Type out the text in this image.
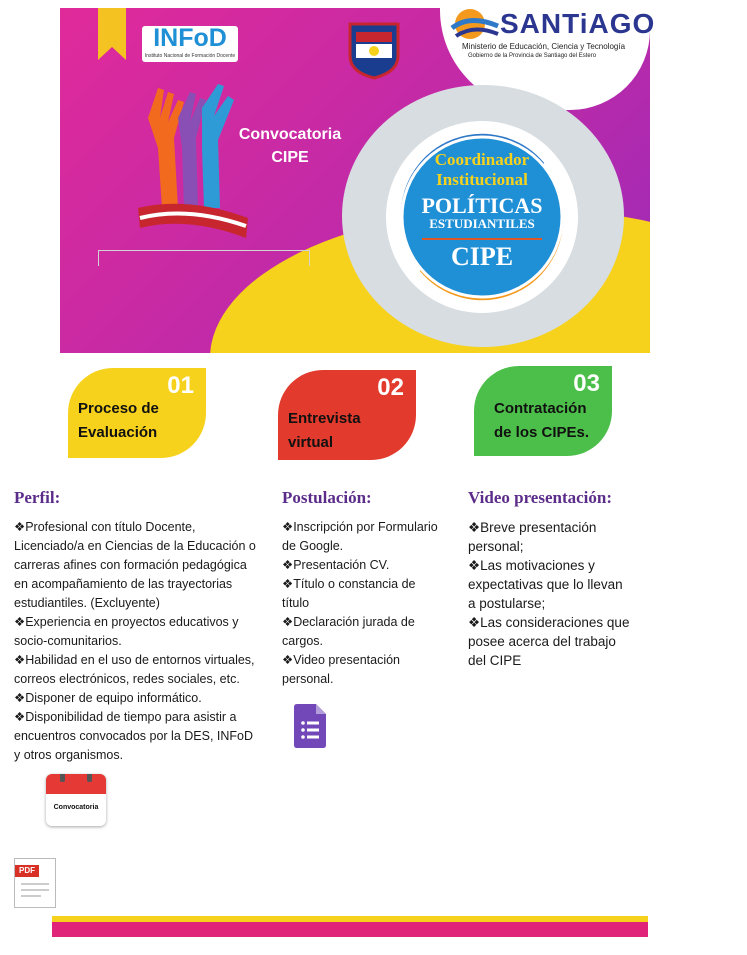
INFoD
Instituto Nacional de Formación Docente
SANTiAGO
Ministerio de Educación, Ciencia y Tecnología
Gobierno de la Provincia de Santiago del Estero
Convocatoria
CIPE	Coordinador
Institucional
POLÍTICAS
ESTUDIANTILES
CIPE
01
Proceso de
Evaluación
02
Entrevista
virtual
03
Contratación
de los CIPEs.
Perfil:
❖Profesional con título Docente,
Licenciado/a en Ciencias de la Educación o
carreras afines con formación pedagógica
en acompañamiento de las trayectorias
estudiantiles. (Excluyente)
❖Experiencia en proyectos educativos y
socio-comunitarios.
❖Habilidad en el uso de entornos virtuales,
correos electrónicos, redes sociales, etc.
❖Disponer de equipo informático.
❖Disponibilidad de tiempo para asistir a
encuentros convocados por la DES, INFoD
y otros organismos.
Postulación:
❖Inscripción por Formulario
de Google.
❖Presentación CV.
❖Título o constancia de
título
❖Declaración jurada de
cargos.
❖Video presentación
personal.
Video presentación:
❖Breve presentación
personal;
❖Las motivaciones y
expectativas que lo llevan
a postularse;
❖Las consideraciones que
posee acerca del trabajo
del CIPE
Convocatoria
PDF
